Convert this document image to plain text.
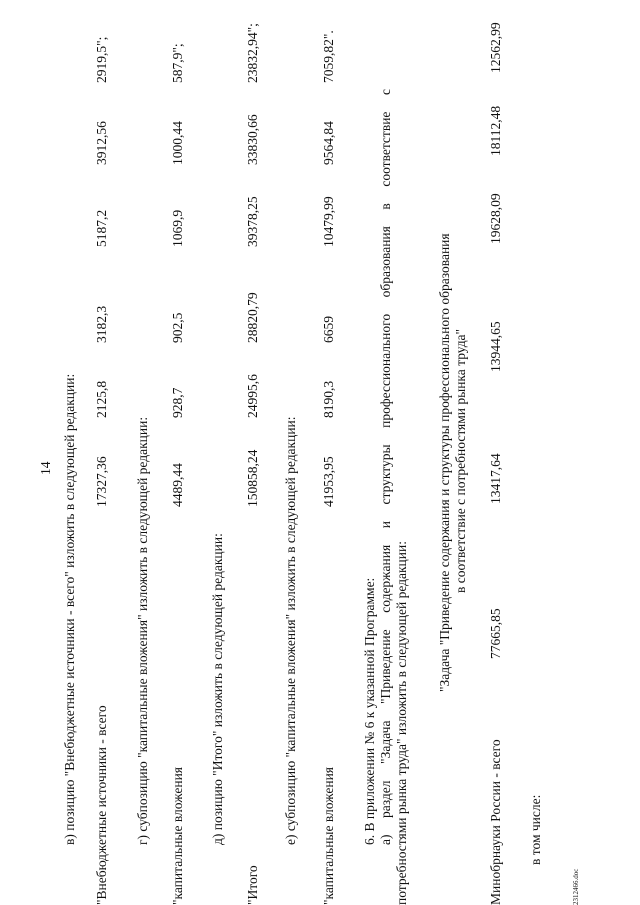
14 в) позицию "Внебюджетные источники - всего" изложить в следующей редакции: "Внебюджетные источники - всего
17327,36
2125,8
3182,3
5187,2
3912,56
2919,5";
г) субпозицию "капитальные вложения" изложить в следующей редакции: "капитальные вложения
4489,44
928,7
902,5
1069,9
1000,44
587,9";
д) позицию "Итого" изложить в следующей редакции:
"Итого
150858,24
24995,6
28820,79
39378,25
33830,66
23832,94";
е) субпозицию "капитальные вложения" изложить в следующей редакции: "капитальные вложения
41953,95
8190,3
6659
10479,99
9564,84
7059,82".
6. В приложении № 6 к указанной Программе: а)
раздел
"Задача
"Приведение
содержания
и
структуры
профессионального
образования
в
соответствие
с
потребностями рынка труда" изложить в следующей редакции:
"Задача "Приведение содержания и структуры профессионального образования в соответствие с потребностями рынка труда"
Минобрнауки России - всего
77665,85
13417,64
13944,65
19628,09
18112,48
12562,99
в том числе:
2312466.doc
